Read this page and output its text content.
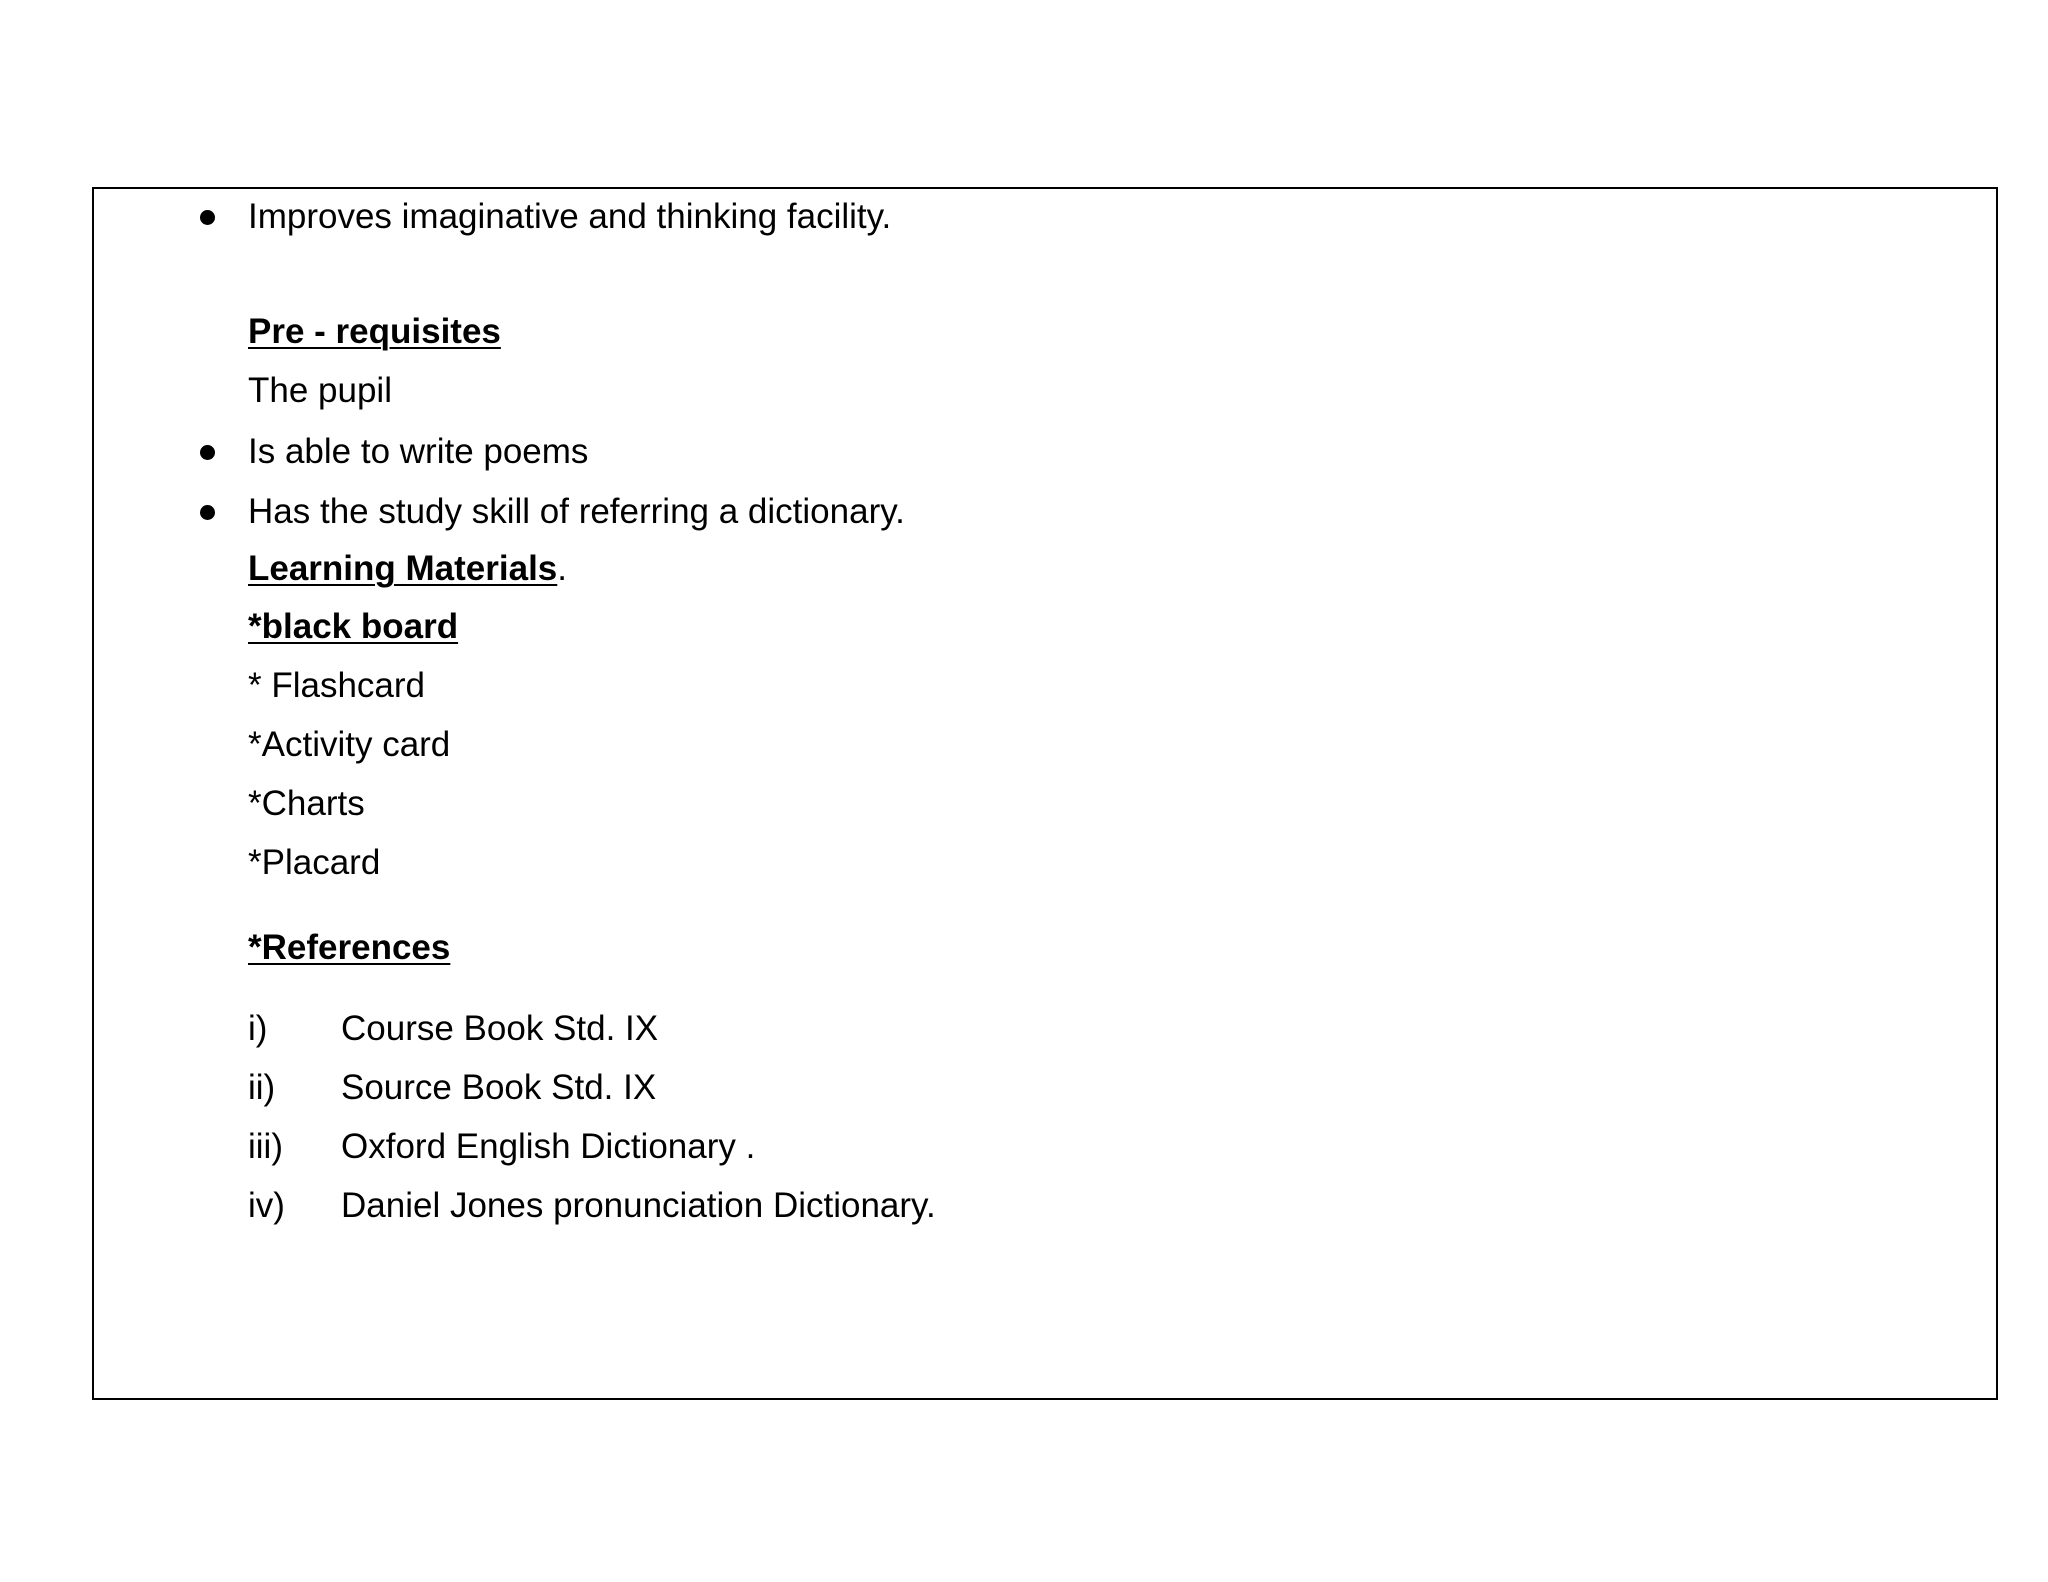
Improves imaginative and thinking facility.
Pre - requisites
The pupil
Is able to write poems
Has the study skill of referring a dictionary.
Learning Materials.
*black board
* Flashcard
*Activity card
*Charts
*Placard
*References
i) Course Book Std. IX
ii) Source Book Std. IX
iii) Oxford English Dictionary .
iv) Daniel Jones pronunciation Dictionary.
